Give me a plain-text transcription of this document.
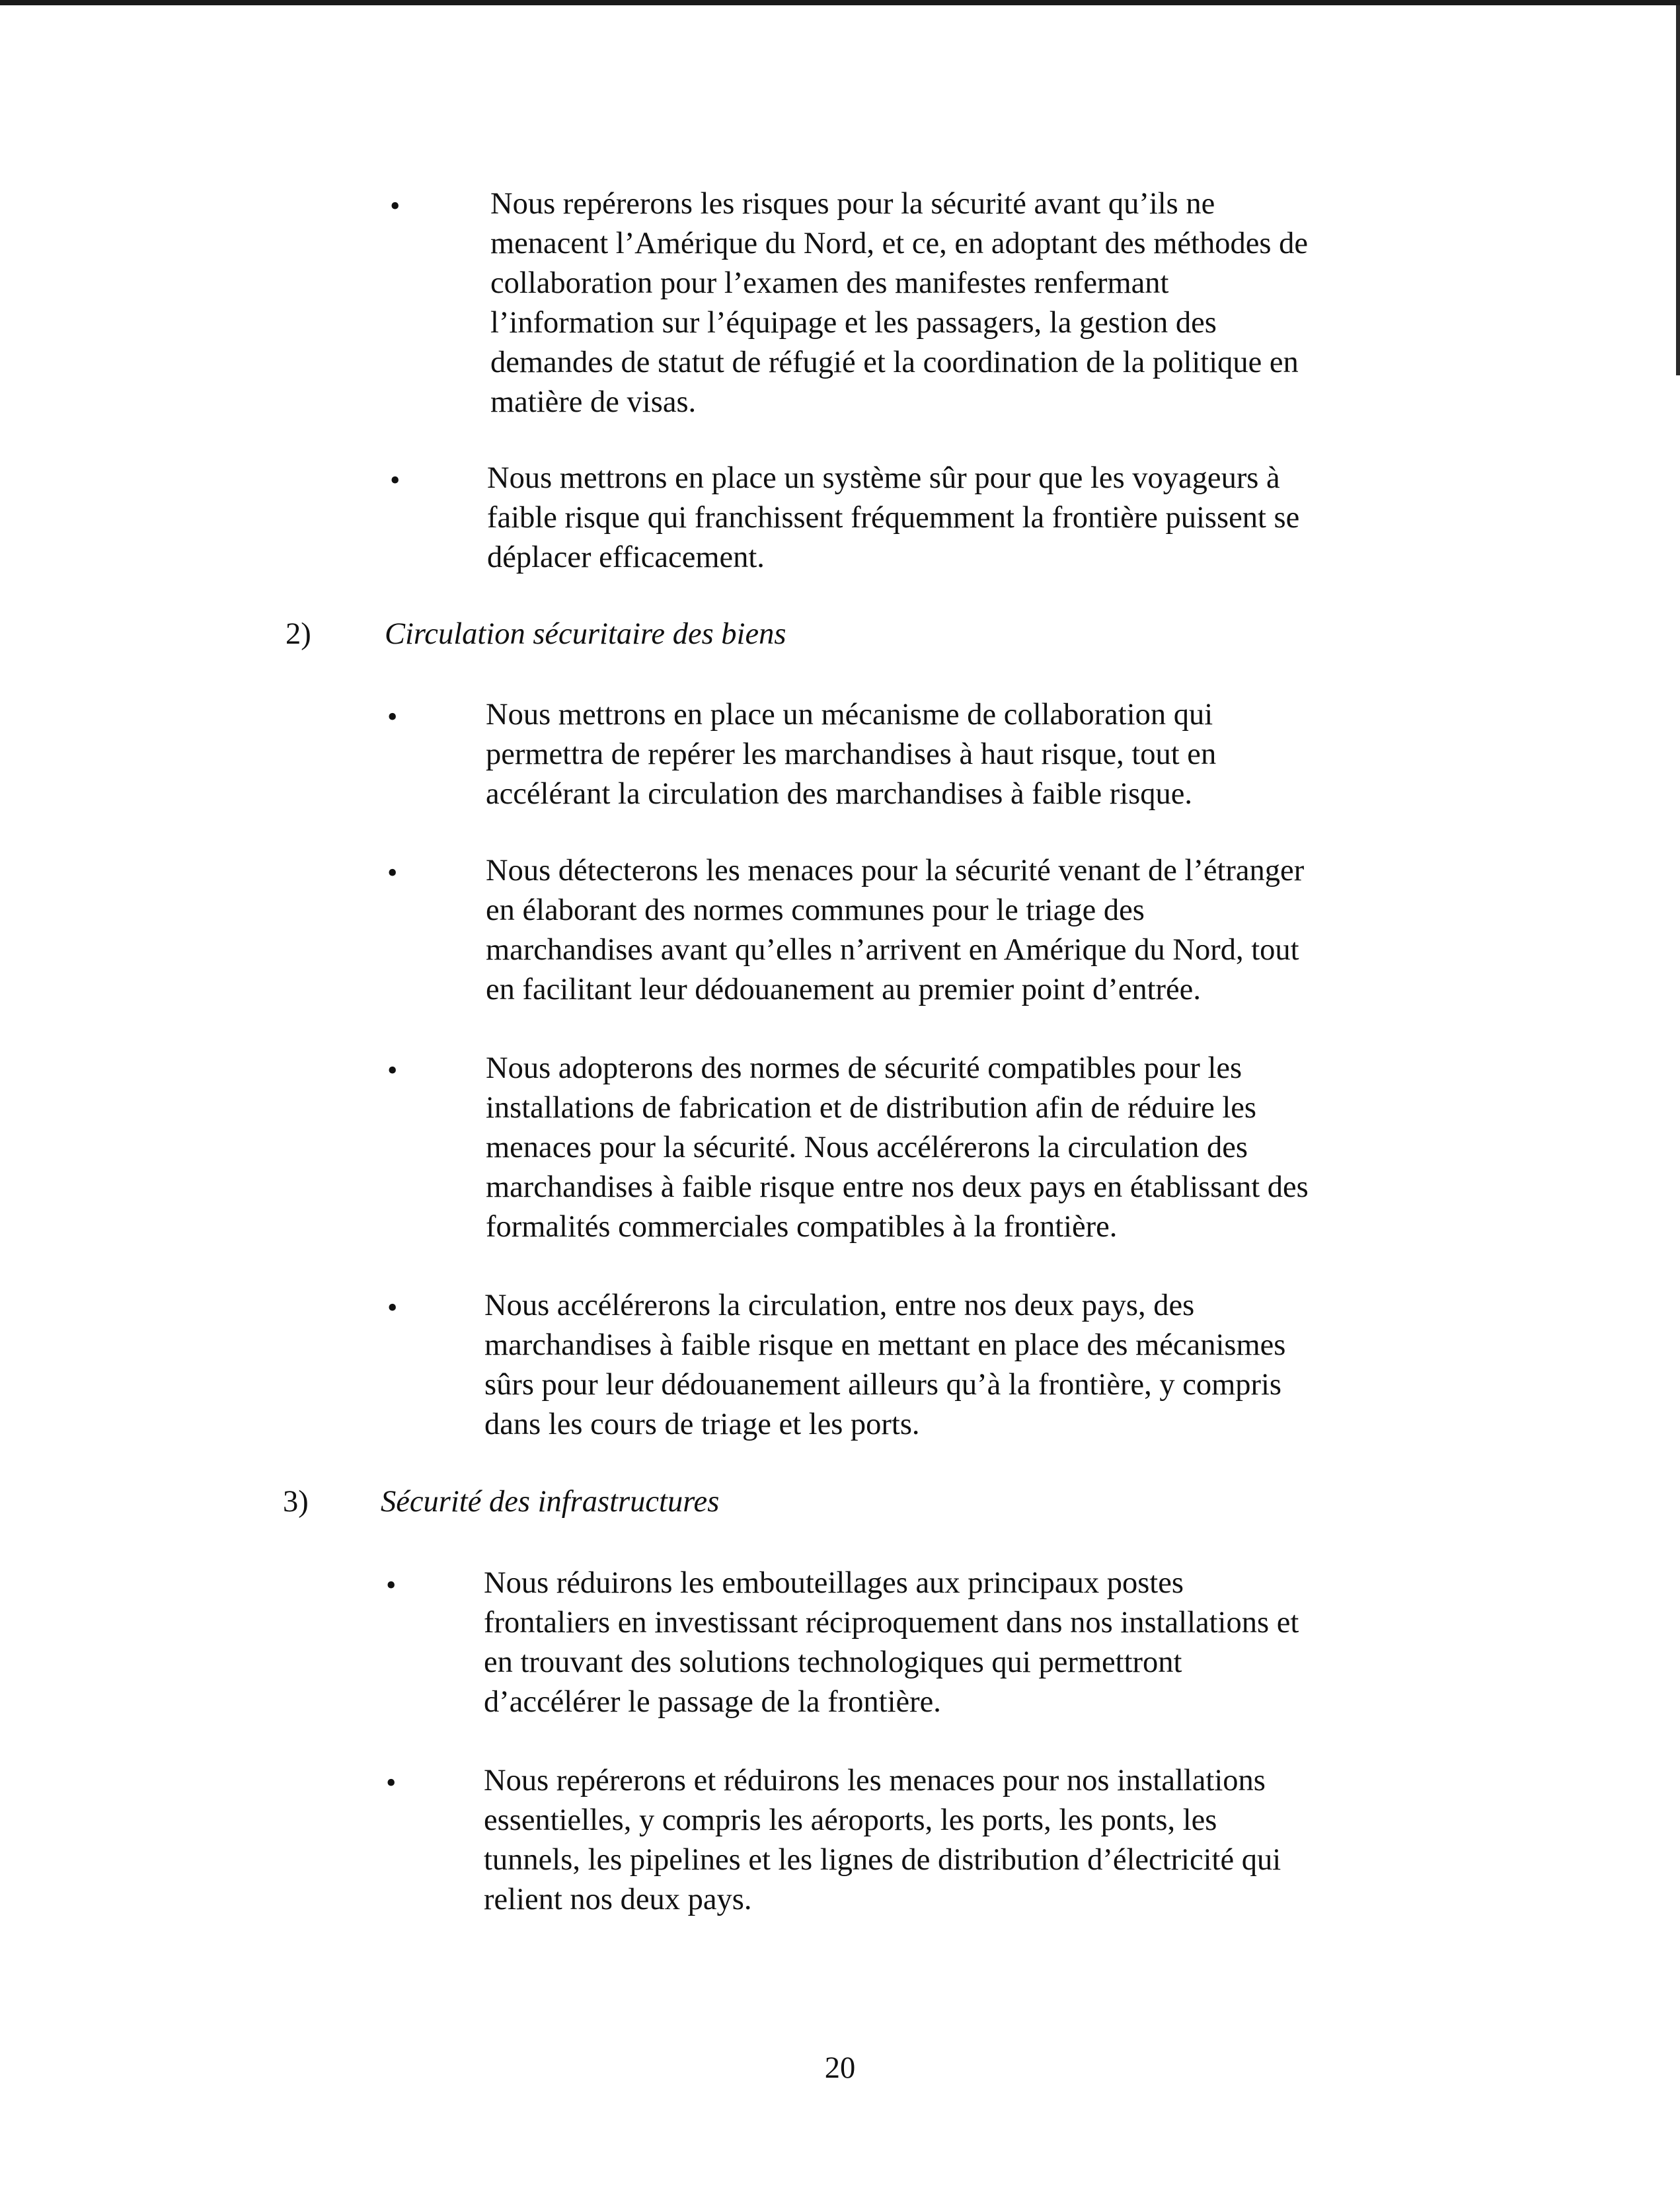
•	Nous repérerons les risques pour la sécurité avant qu’ils ne
menacent l’Amérique du Nord, et ce, en adoptant des méthodes de
collaboration pour l’examen des manifestes renfermant
l’information sur l’équipage et les passagers, la gestion des
demandes de statut de réfugié et la coordination de la politique en
matière de visas.
•	Nous mettrons en place un système sûr pour que les voyageurs à
faible risque qui franchissent fréquemment la frontière puissent se
déplacer efficacement.
2) Circulation sécuritaire des biens
•	Nous mettrons en place un mécanisme de collaboration qui
permettra de repérer les marchandises à haut risque, tout en
accélérant la circulation des marchandises à faible risque.
•	Nous détecterons les menaces pour la sécurité venant de l’étranger
en élaborant des normes communes pour le triage des
marchandises avant qu’elles n’arrivent en Amérique du Nord, tout
en facilitant leur dédouanement au premier point d’entrée.
•	Nous adopterons des normes de sécurité compatibles pour les
installations de fabrication et de distribution afin de réduire les
menaces pour la sécurité. Nous accélérerons la circulation des
marchandises à faible risque entre nos deux pays en établissant des
formalités commerciales compatibles à la frontière.
•	Nous accélérerons la circulation, entre nos deux pays, des
marchandises à faible risque en mettant en place des mécanismes
sûrs pour leur dédouanement ailleurs qu’à la frontière, y compris
dans les cours de triage et les ports.
3) Sécurité des infrastructures
•	Nous réduirons les embouteillages aux principaux postes
frontaliers en investissant réciproquement dans nos installations et
en trouvant des solutions technologiques qui permettront
d’accélérer le passage de la frontière.
•	Nous repérerons et réduirons les menaces pour nos installations
essentielles, y compris les aéroports, les ports, les ponts, les
tunnels, les pipelines et les lignes de distribution d’électricité qui
relient nos deux pays.
20
